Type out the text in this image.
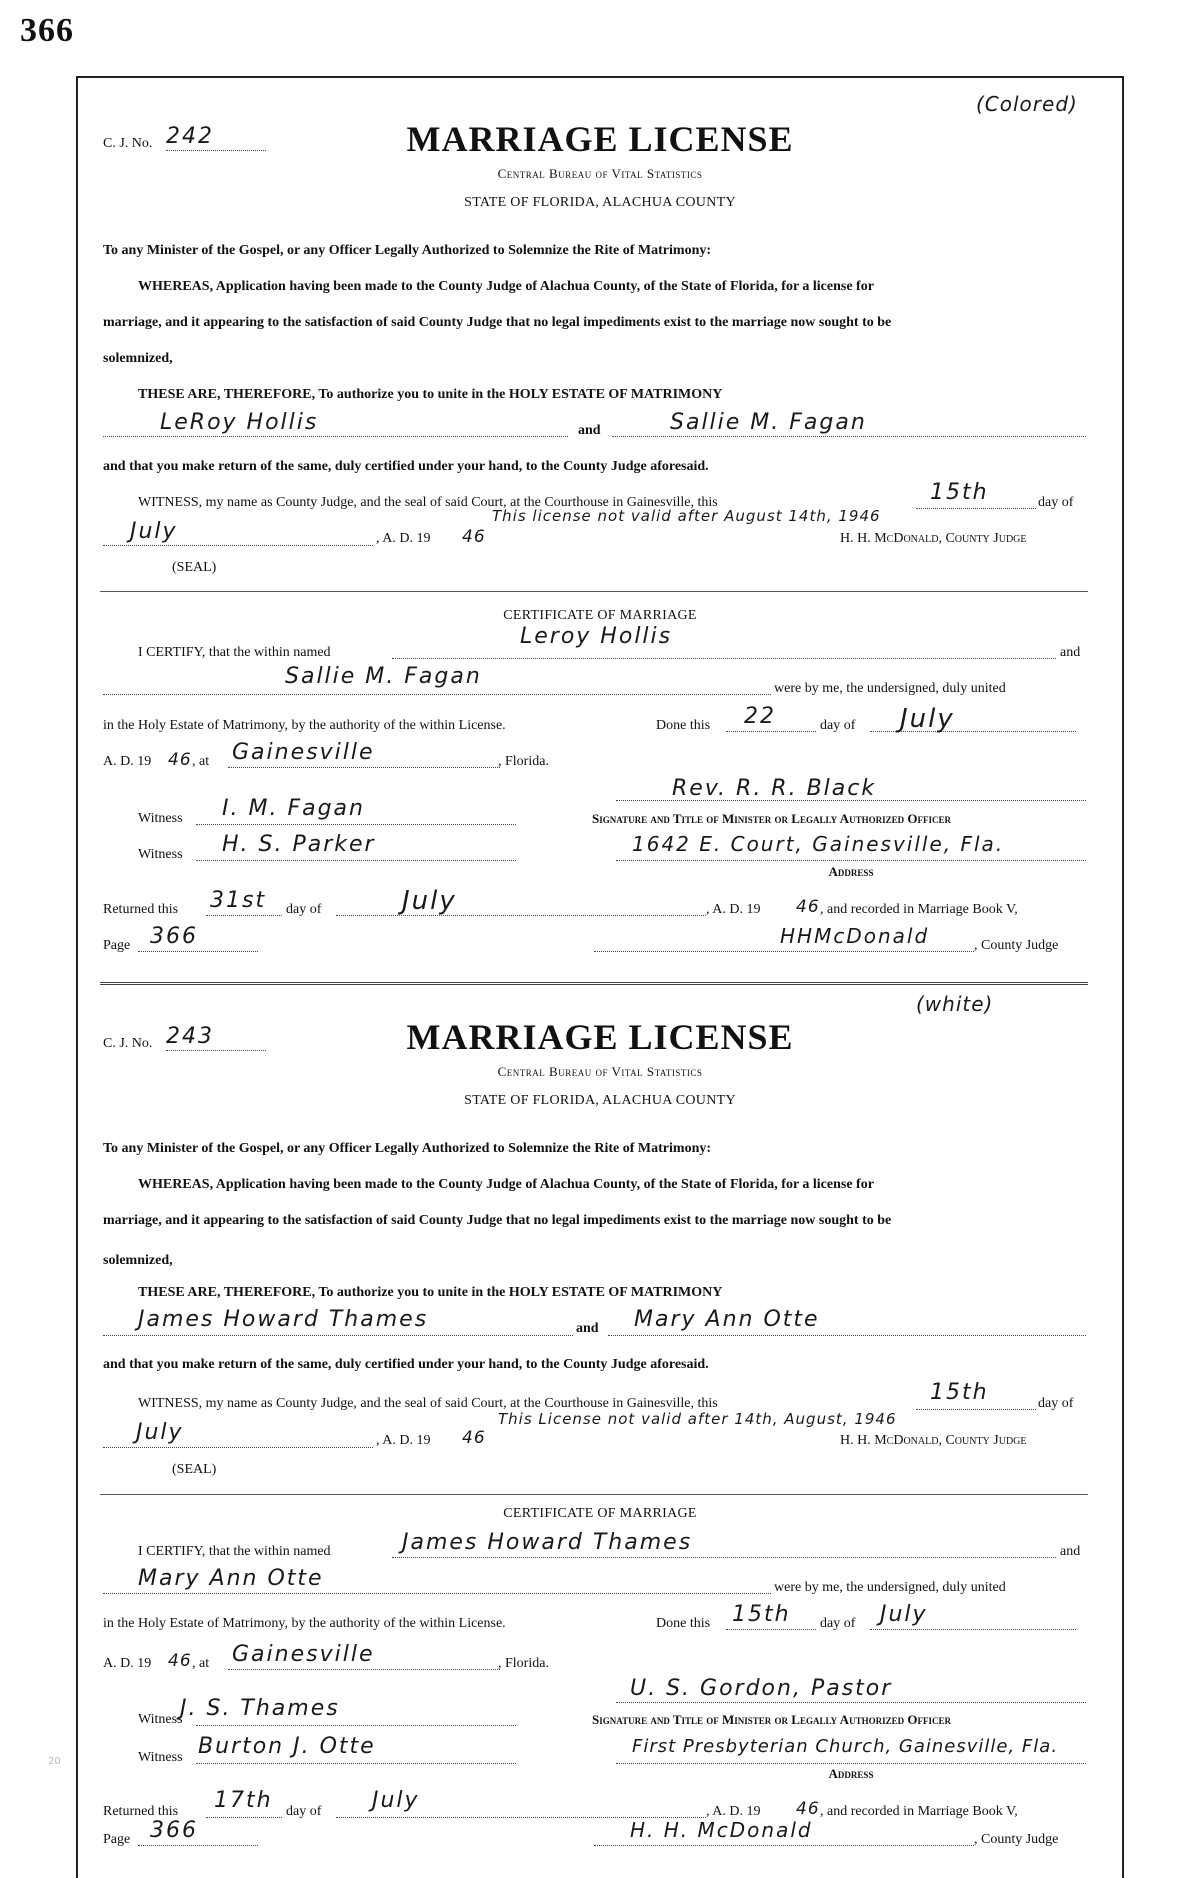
366
(Colored)
C. J. No. 242	MARRIAGE LICENSE
Central Bureau of Vital Statistics
STATE OF FLORIDA, ALACHUA COUNTY
To any Minister of the Gospel, or any Officer Legally Authorized to Solemnize the Rite of Matrimony:
WHEREAS, Application having been made to the County Judge of Alachua County, of the State of Florida, for a license for
marriage, and it appearing to the satisfaction of said County Judge that no legal impediments exist to the marriage now sought to be
solemnized,
THESE ARE, THEREFORE, To authorize you to unite in the HOLY ESTATE OF MATRIMONY
LeRoy Hollis	and	Sallie M. Fagan
and that you make return of the same, duly certified under your hand, to the County Judge aforesaid.
WITNESS, my name as County Judge, and the seal of said Court, at the Courthouse in Gainesville, this	15th	day of
This license not valid after August 14th, 1946
July	, A. D. 19 46	H. H. McDonald, County Judge
(SEAL)
CERTIFICATE OF MARRIAGE
I CERTIFY, that the within named
Leroy Hollis
and
Sallie M. Fagan	were by me, the undersigned, duly united
in the Holy Estate of Matrimony, by the authority of the within License.	Done this 22	day of July
A. D. 19 46 , at Gainesville	, Florida.
Rev. R. R. Black
Witness I. M. Fagan	Signature and Title of Minister or Legally Authorized Officer
Witness H. S. Parker	1642 E. Court, Gainesville, Fla.
Address
Returned this 31st day of	July	, A. D. 19 46 , and recorded in Marriage Book V,
Page 366	HHMcDonald	, County Judge
(white)
C. J. No. 243	MARRIAGE LICENSE
Central Bureau of Vital Statistics
STATE OF FLORIDA, ALACHUA COUNTY
To any Minister of the Gospel, or any Officer Legally Authorized to Solemnize the Rite of Matrimony:
WHEREAS, Application having been made to the County Judge of Alachua County, of the State of Florida, for a license for
marriage, and it appearing to the satisfaction of said County Judge that no legal impediments exist to the marriage now sought to be
solemnized,
THESE ARE, THEREFORE, To authorize you to unite in the HOLY ESTATE OF MATRIMONY
James Howard Thames	and Mary Ann Otte
and that you make return of the same, duly certified under your hand, to the County Judge aforesaid.
WITNESS, my name as County Judge, and the seal of said Court, at the Courthouse in Gainesville, this	15th	day of
This License not valid after 14th, August, 1946
July	, A. D. 19 46	H. H. McDonald, County Judge
(SEAL)
CERTIFICATE OF MARRIAGE
I CERTIFY, that the within named	James Howard Thames	and
Mary Ann Otte	were by me, the undersigned, duly united
in the Holy Estate of Matrimony, by the authority of the within License.	Done this 15th day of July
A. D. 19 46 , at Gainesville	, Florida.
U. S. Gordon, Pastor
Witness
J. S. Thames	Signature and Title of Minister or Legally Authorized Officer
20	Witness Burton J. Otte	First Presbyterian Church, Gainesville, Fla.
Address
Returned this 17th day of July	, A. D. 19 46 , and recorded in Marriage Book V,
Page 366	H. H. McDonald	, County Judge
